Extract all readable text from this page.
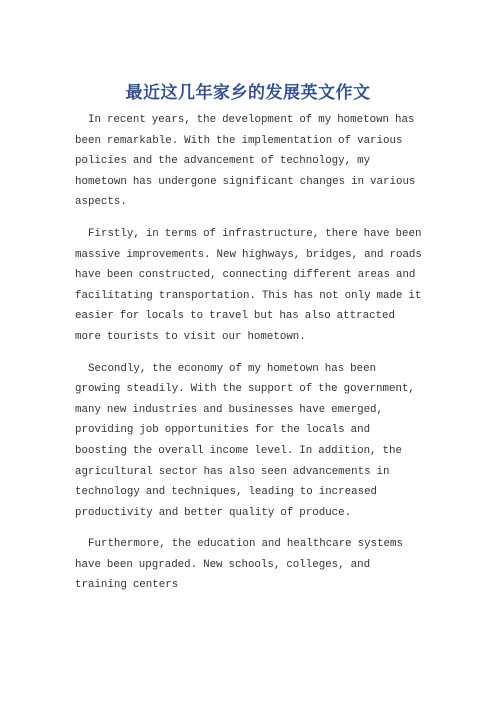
最近这几年家乡的发展英文作文

In recent years, the development of my hometown has been remarkable. With the implementation of various policies and the advancement of technology, my hometown has undergone significant changes in various aspects.

Firstly, in terms of infrastructure, there have been massive improvements. New highways, bridges, and roads have been constructed, connecting different areas and facilitating transportation. This has not only made it easier for locals to travel but has also attracted more tourists to visit our hometown.

Secondly, the economy of my hometown has been growing steadily. With the support of the government, many new industries and businesses have emerged, providing job opportunities for the locals and boosting the overall income level. In addition, the agricultural sector has also seen advancements in technology and techniques, leading to increased productivity and better quality of produce.

Furthermore, the education and healthcare systems have been upgraded. New schools, colleges, and training centers
